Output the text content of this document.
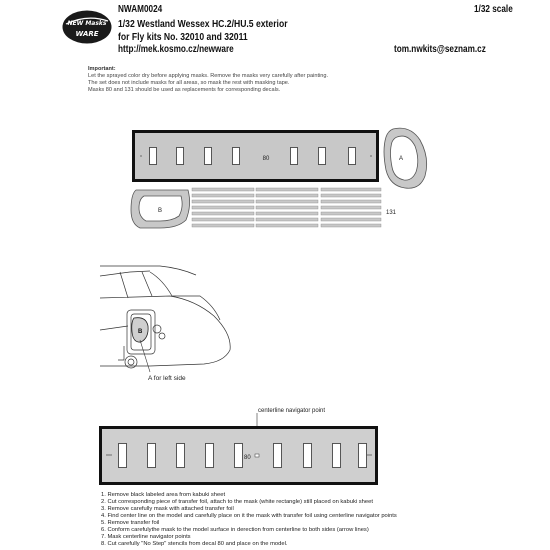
NEW Masks
WARE
NWAM0024	1/32 scale
1/32 Westland Wessex HC.2/HU.5 exterior
for Fly kits No. 32010 and 32011
http://mek.kosmo.cz/newware	tom.nwkits@seznam.cz
Important:
Let the sprayed color dry before applying masks. Remove the masks very carefully after painting.
The set does not include masks for all areas, so mask the rest with masking tape.
Masks 80 and 131 should be used as replacements for corresponding decals.
80	A
B	131
B
A for left side
centerline navigator point
80
1. Remove black labeled area from kabuki sheet
2. Cut corresponding piece of transfer foil, attach to the mask (white rectangle) still placed on kabuki sheet
3. Remove carefully mask with attached transfer foil
4. Find center line on the model and carefully place on it the mask with transfer foil using centerline navigator points
5. Remove transfer foil
6. Conform carefulythe mask to the model surface in derection from centerline to both sides (arrow lines)
7. Mask centerline navigator points
8. Cut carefully "No Step" stencils from decal 80 and place on the model.
